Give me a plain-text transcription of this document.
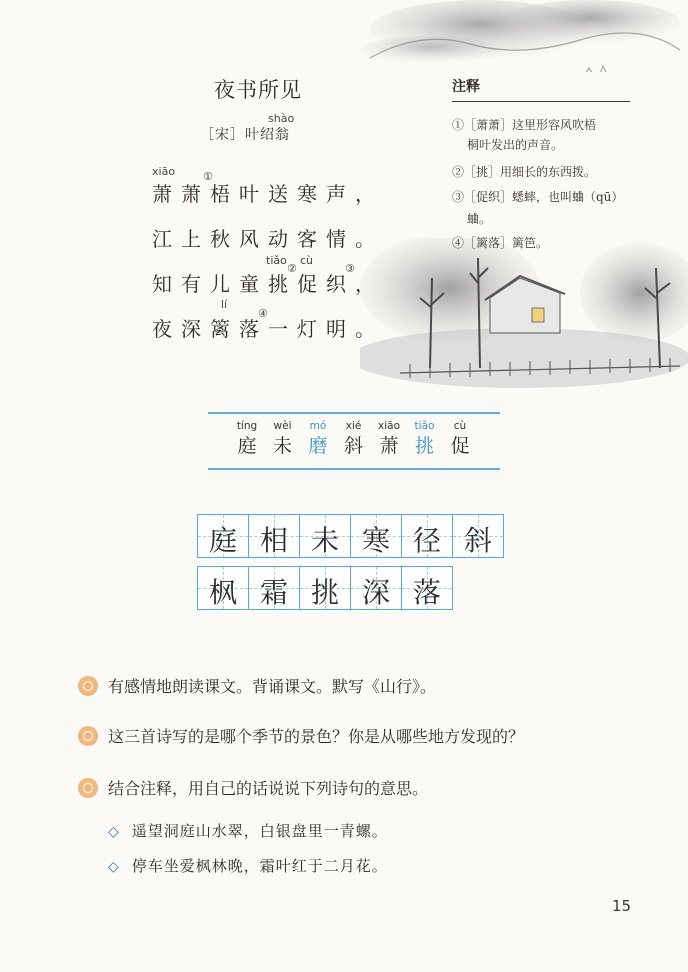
夜书所见
shào
［宋］叶绍翁
xiāo	①
萧萧梧叶送寒声，
江上秋风动客情。
tiǎo cù
②	③
知有儿童挑促织，
lí
④
夜深篱落一灯明。
注释
①［萧萧］这里形容风吹梧
桐叶发出的声音。
②［挑］用细长的东西拨。
③［促织］蟋蟀，也叫蛐（qū）
蛐。
④［篱落］篱笆。
tíng
庭
wèi
未
mó
磨
xié
斜
xiāo
萧
tiǎo
挑
cù
促
庭 相 未 寒 径 斜
枫 霜 挑 深 落
有感情地朗读课文。背诵课文。默写《山行》。
这三首诗写的是哪个季节的景色？你是从哪些地方发现的？
结合注释，用自己的话说说下列诗句的意思。
◇ 遥望洞庭山水翠，白银盘里一青螺。
◇ 停车坐爱枫林晚，霜叶红于二月花。
15
